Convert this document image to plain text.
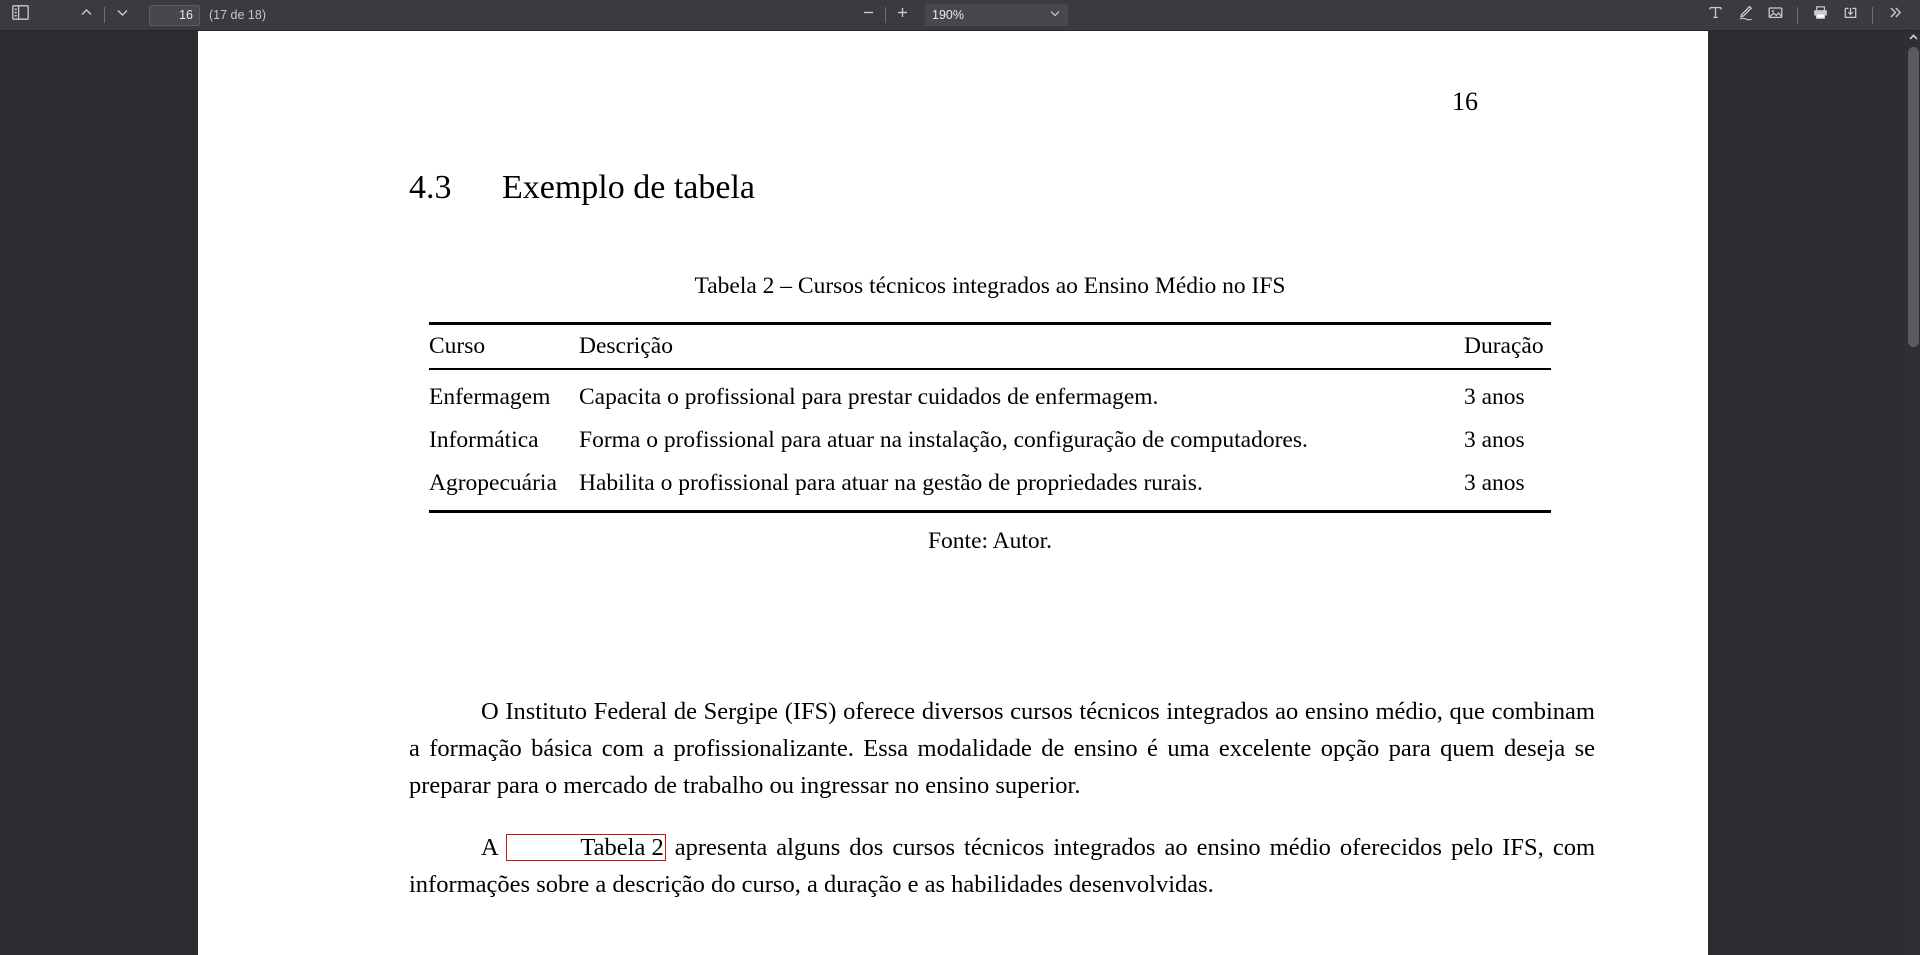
16
(17 de 18)	190%
16
4.3	Exemplo de tabela
Tabela 2 – Cursos técnicos integrados ao Ensino Médio no IFS
Curso	Descrição	Duração
Enfermagem	Capacita o profissional para prestar cuidados de enfermagem.	3 anos
Informática	Forma o profissional para atuar na instalação, configuração de computadores.	3 anos
Agropecuária	Habilita o profissional para atuar na gestão de propriedades rurais.	3 anos
Fonte: Autor.

O Instituto Federal de Sergipe (IFS) oferece diversos cursos técnicos integrados ao ensino médio, que combinam a formação básica com a profissionalizante. Essa modalidade de ensino é uma excelente opção para quem deseja se preparar para o mercado de trabalho ou ingressar no ensino superior.

A	Tabela 2 apresenta alguns dos cursos técnicos integrados ao ensino médio oferecidos pelo IFS, com informações sobre a descrição do curso, a duração e as habilidades desenvolvidas.
